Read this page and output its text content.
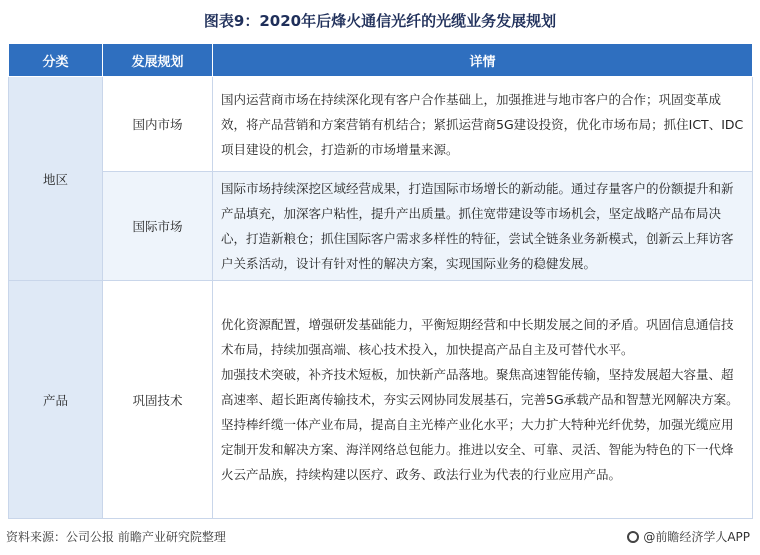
图表9：2020年后烽火通信光纤的光缆业务发展规划
分类	发展规划	详情
地区	国内市场	国内运营商市场在持续深化现有客户合作基础上，加强推进与地市客户的合作；巩固变革成效，将产品营销和方案营销有机结合；紧抓运营商5G建设投资，优化市场布局；抓住ICT、IDC项目建设的机会，打造新的市场增量来源。

	国际市场	国际市场持续深挖区域经营成果，打造国际市场增长的新动能。通过存量客户的份额提升和新产品填充，加深客户粘性，提升产出质量。抓住宽带建设等市场机会，坚定战略产品布局决心，打造新粮仓；抓住国际客户需求多样性的特征，尝试全链条业务新模式，创新云上拜访客户关系活动，设计有针对性的解决方案，实现国际业务的稳健发展。

产品	巩固技术	优化资源配置，增强研发基础能力，平衡短期经营和中长期发展之间的矛盾。巩固信息通信技术布局，持续加强高端、核心技术投入，加快提高产品自主及可替代水平。
加强技术突破，补齐技术短板，加快新产品落地。聚焦高速智能传输，坚持发展超大容量、超高速率、超长距离传输技术，夯实云网协同发展基石，完善5G承载产品和智慧光网解决方案。坚持棒纤缆一体产业布局，提高自主光棒产业化水平；大力扩大特种光纤优势，加强光缆应用定制开发和解决方案、海洋网络总包能力。推进以安全、可靠、灵活、智能为特色的下一代烽火云产品族，持续构建以医疗、政务、政法行业为代表的行业应用产品。
资料来源：公司公报 前瞻产业研究院整理	@前瞻经济学人APP
